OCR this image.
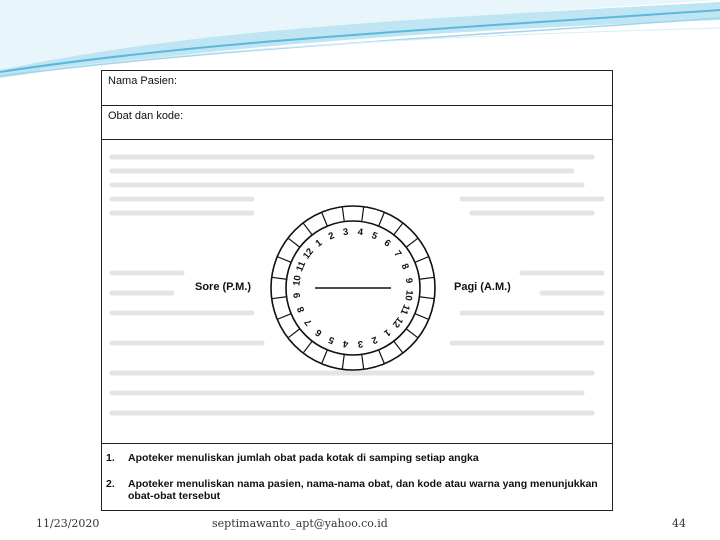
Nama Pasien:
Obat dan kode:
Sore (P.M.)	Pagi (A.M.)
10
11
12
1
2 3 4 5
6
7
8
9
10
11
12
1
2
3
4
5
6
7
8
9
1.	Apoteker menuliskan jumlah obat pada kotak di samping setiap angka
2.	Apoteker menuliskan nama pasien, nama-nama obat, dan kode atau warna yang menunjukkan obat-obat tersebut
11/23/2020	septimawanto_apt@yahoo.co.id	44
